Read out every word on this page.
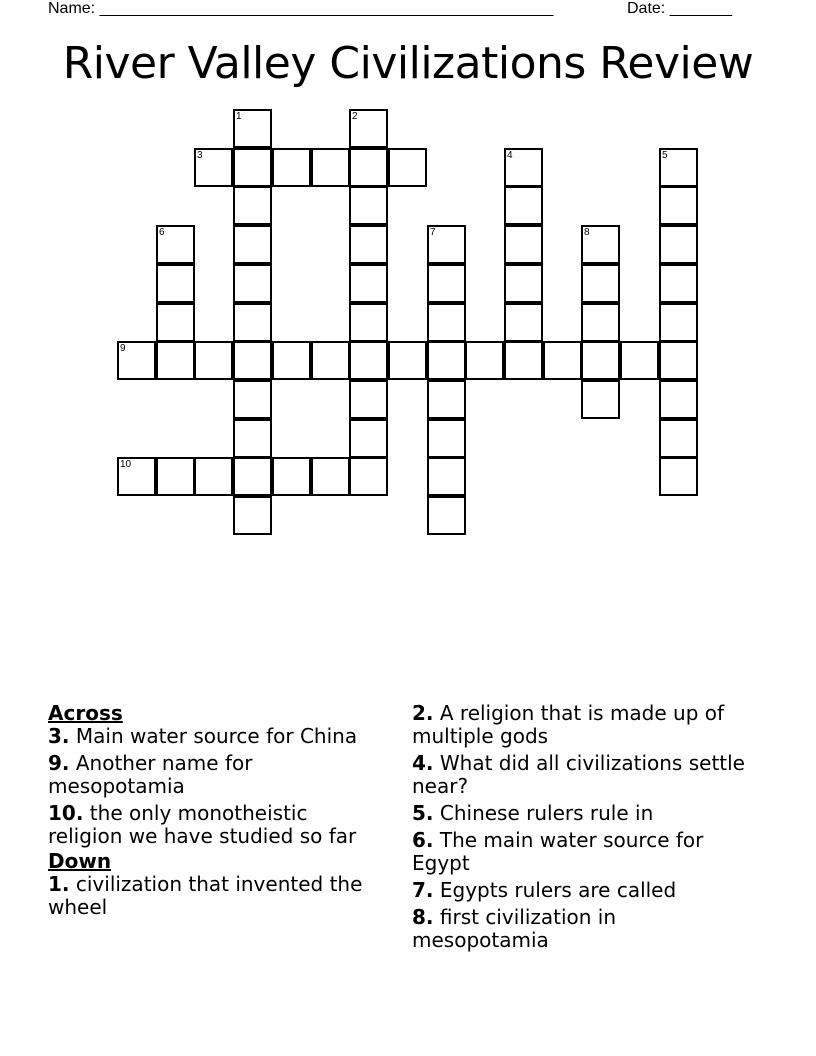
Name: ___________________________________________________	Date: _______
River Valley Civilizations Review
1	2
3	4	5
6	7	8
9
10
Across
3. Main water source for China
9. Another name for mesopotamia
10. the only monotheistic religion we have studied so far
Down
1. civilization that invented the wheel
2. A religion that is made up of multiple gods
4. What did all civilizations settle near?
5. Chinese rulers rule in
6. The main water source for Egypt
7. Egypts rulers are called
8. first civilization in mesopotamia
